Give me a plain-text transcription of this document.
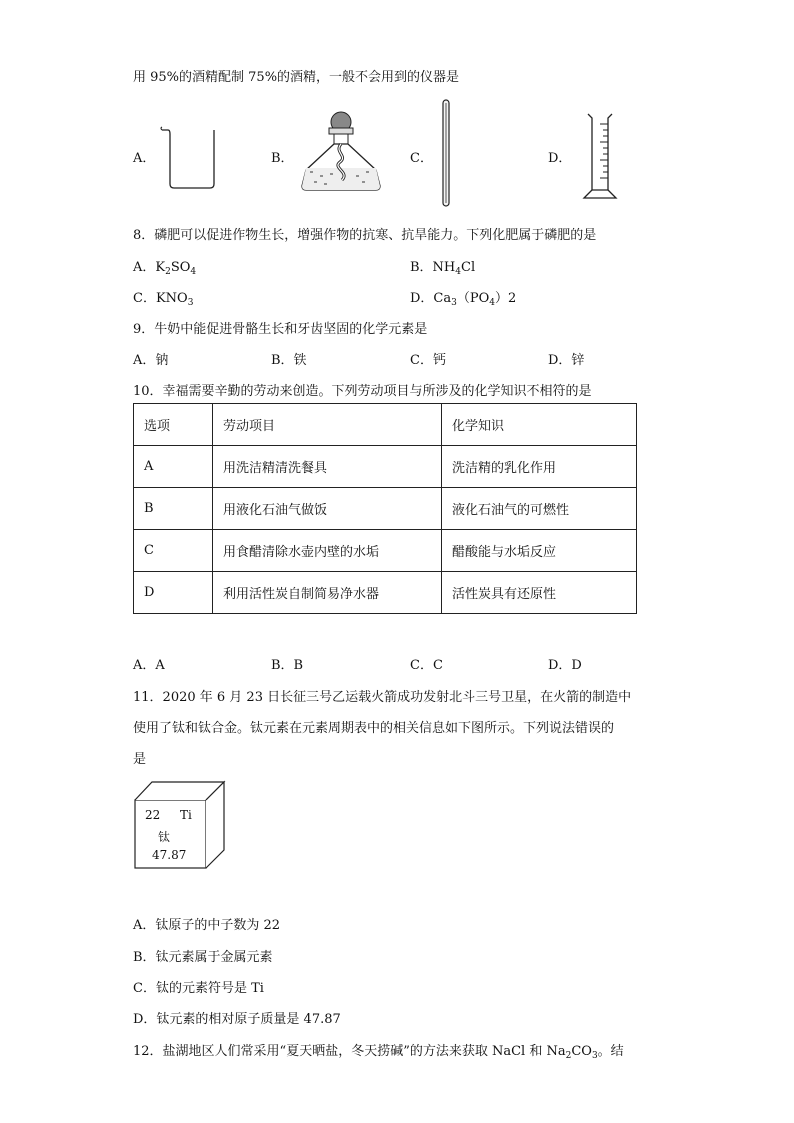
用 95%的酒精配制 75%的酒精，一般不会用到的仪器是
A．	B．	C．	D．
8．磷肥可以促进作物生长，增强作物的抗寒、抗旱能力。下列化肥属于磷肥的是
A．$K_2SO_4$	B．$NH_4Cl$
C．$KNO_3$	D．$Ca_3(PO_4)2$
9．牛奶中能促进骨骼生长和牙齿坚固的化学元素是
A．钠	B．铁	C．钙	D．锌
10．幸福需要辛勤的劳动来创造。下列劳动项目与所涉及的化学知识不相符的是
选项	劳动项目	化学知识
A	用洗洁精清洗餐具	洗洁精的乳化作用
B	用液化石油气做饭	液化石油气的可燃性
C	用食醋清除水壶内壁的水垢	醋酸能与水垢反应
D	利用活性炭自制简易净水器	活性炭具有还原性
A．A	B．B	C．C	D．D
11．2020 年 6 月 23 日长征三号乙运载火箭成功发射北斗三号卫星，在火箭的制造中
使用了钛和钛合金。钛元素在元素周期表中的相关信息如下图所示。下列说法错误的
是
22 Ti
钛
47.87
A．钛原子的中子数为 22
B．钛元素属于金属元素
C．钛的元素符号是 Ti
D．钛元素的相对原子质量是 47.87
12．盐湖地区人们常采用“夏天晒盐，冬天捞碱”的方法来获取 NaCl 和 $Na_2CO_3$。结
